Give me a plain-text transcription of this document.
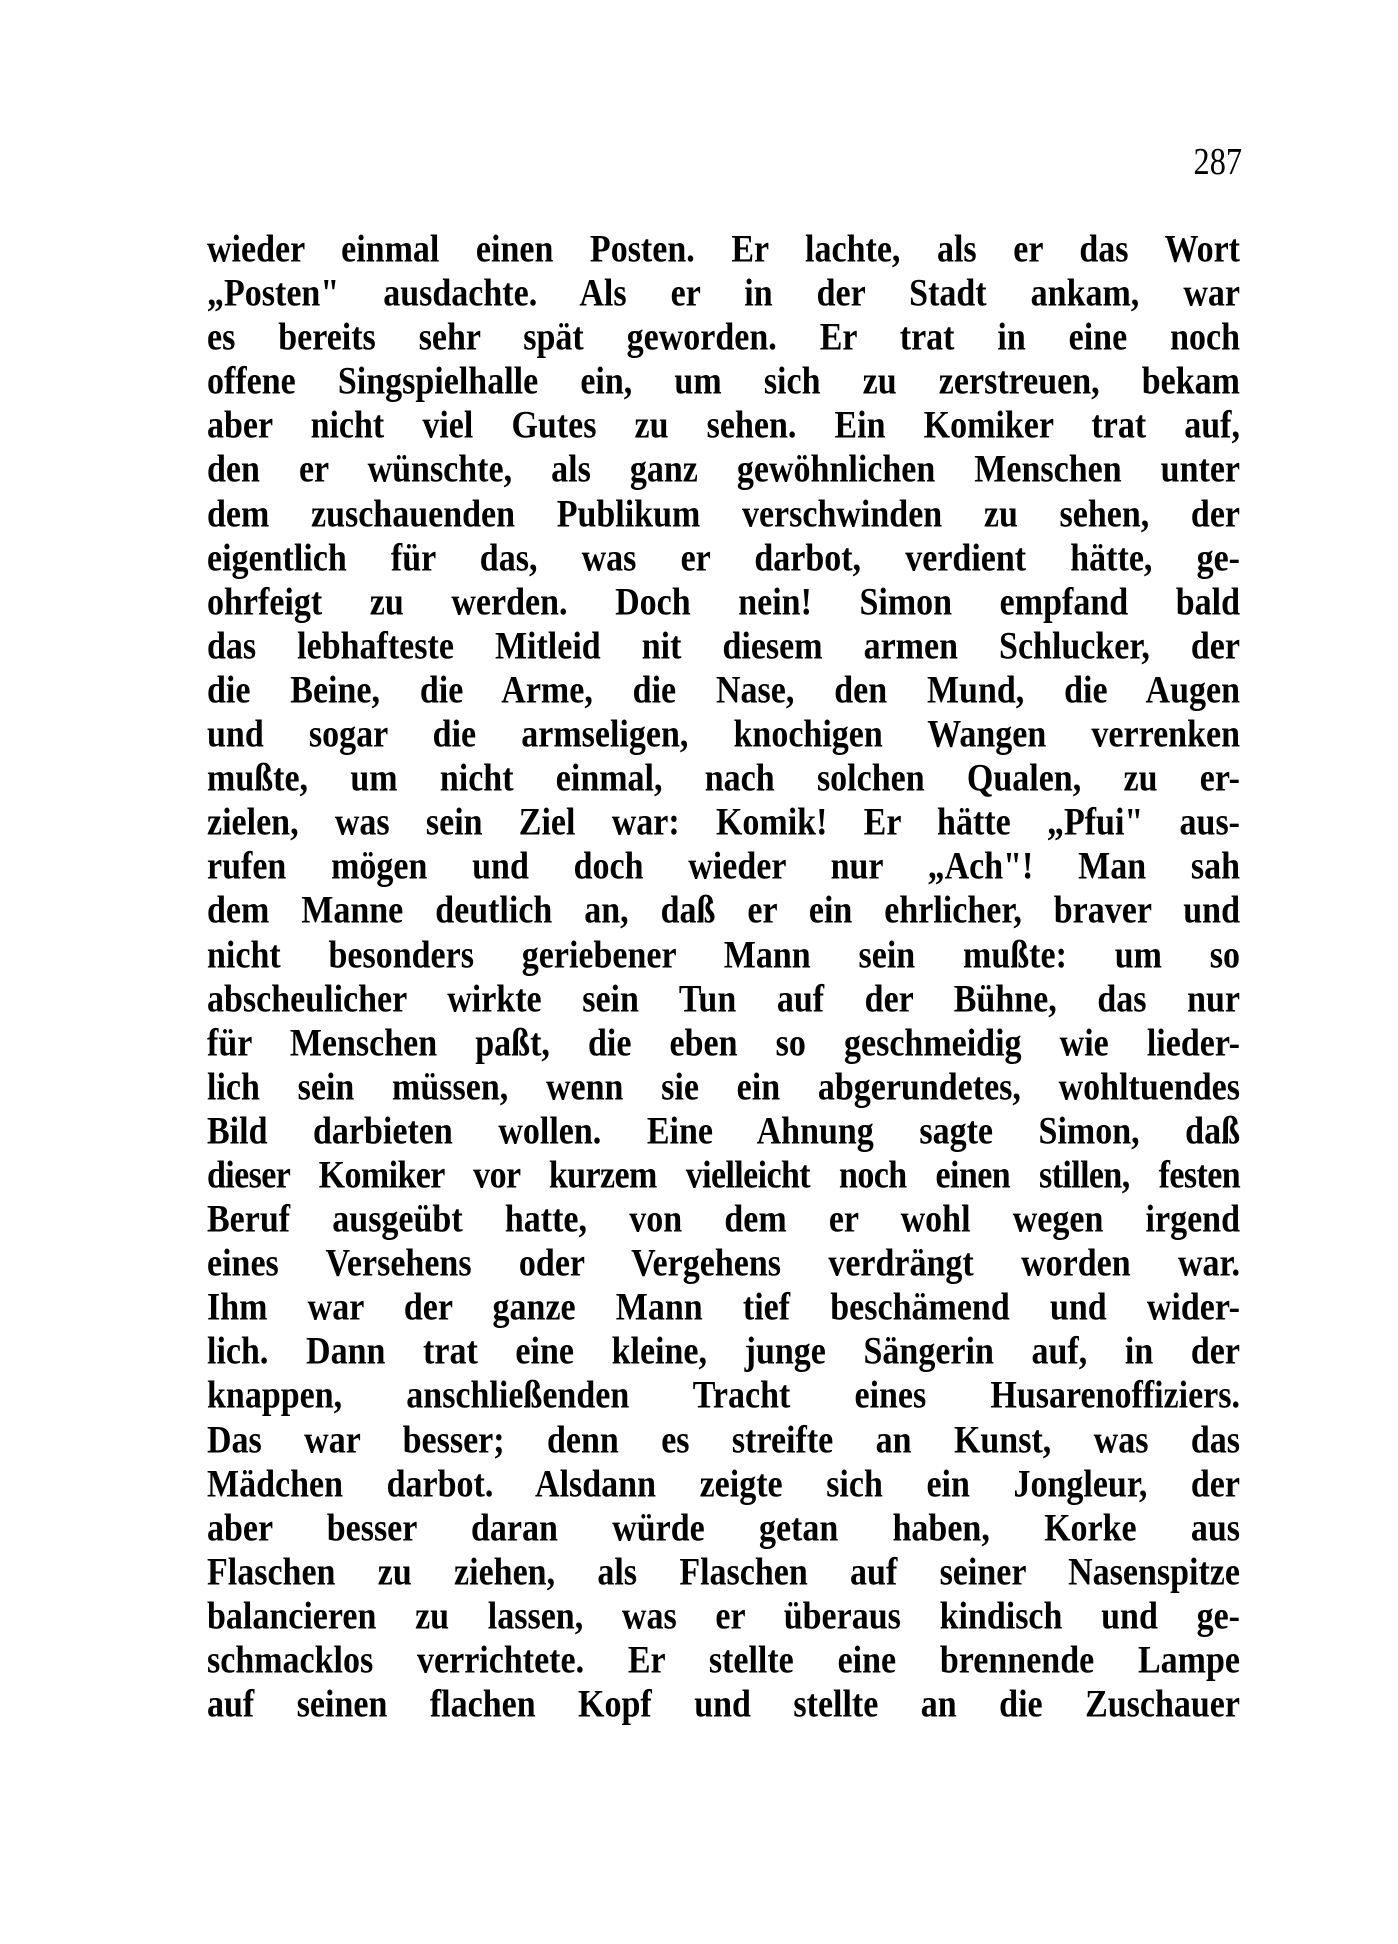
287
wieder einmal einen Posten. Er lachte, als er das Wort
„Posten" ausdachte. Als er in der Stadt ankam, war
es bereits sehr spät geworden. Er trat in eine noch
offene Singspielhalle ein, um sich zu zerstreuen, bekam
aber nicht viel Gutes zu sehen. Ein Komiker trat auf,
den er wünschte, als ganz gewöhnlichen Menschen unter
dem zuschauenden Publikum verschwinden zu sehen, der
eigentlich für das, was er darbot, verdient hätte, ge-
ohrfeigt zu werden. Doch nein! Simon empfand bald
das lebhafteste Mitleid nit diesem armen Schlucker, der
die Beine, die Arme, die Nase, den Mund, die Augen
und sogar die armseligen, knochigen Wangen verrenken
mußte, um nicht einmal, nach solchen Qualen, zu er-
zielen, was sein Ziel war: Komik! Er hätte „Pfui" aus-
rufen mögen und doch wieder nur „Ach"! Man sah
dem Manne deutlich an, daß er ein ehrlicher, braver und
nicht besonders geriebener Mann sein mußte: um so
abscheulicher wirkte sein Tun auf der Bühne, das nur
für Menschen paßt, die eben so geschmeidig wie lieder-
lich sein müssen, wenn sie ein abgerundetes, wohltuendes
Bild darbieten wollen. Eine Ahnung sagte Simon, daß
dieser Komiker vor kurzem vielleicht noch einen stillen, festen
Beruf ausgeübt hatte, von dem er wohl wegen irgend
eines Versehens oder Vergehens verdrängt worden war.
Ihm war der ganze Mann tief beschämend und wider-
lich. Dann trat eine kleine, junge Sängerin auf, in der
knappen, anschließenden Tracht eines Husarenoffiziers.
Das war besser; denn es streifte an Kunst, was das
Mädchen darbot. Alsdann zeigte sich ein Jongleur, der
aber besser daran würde getan haben, Korke aus
Flaschen zu ziehen, als Flaschen auf seiner Nasenspitze
balancieren zu lassen, was er überaus kindisch und ge-
schmacklos verrichtete. Er stellte eine brennende Lampe
auf seinen flachen Kopf und stellte an die Zuschauer
